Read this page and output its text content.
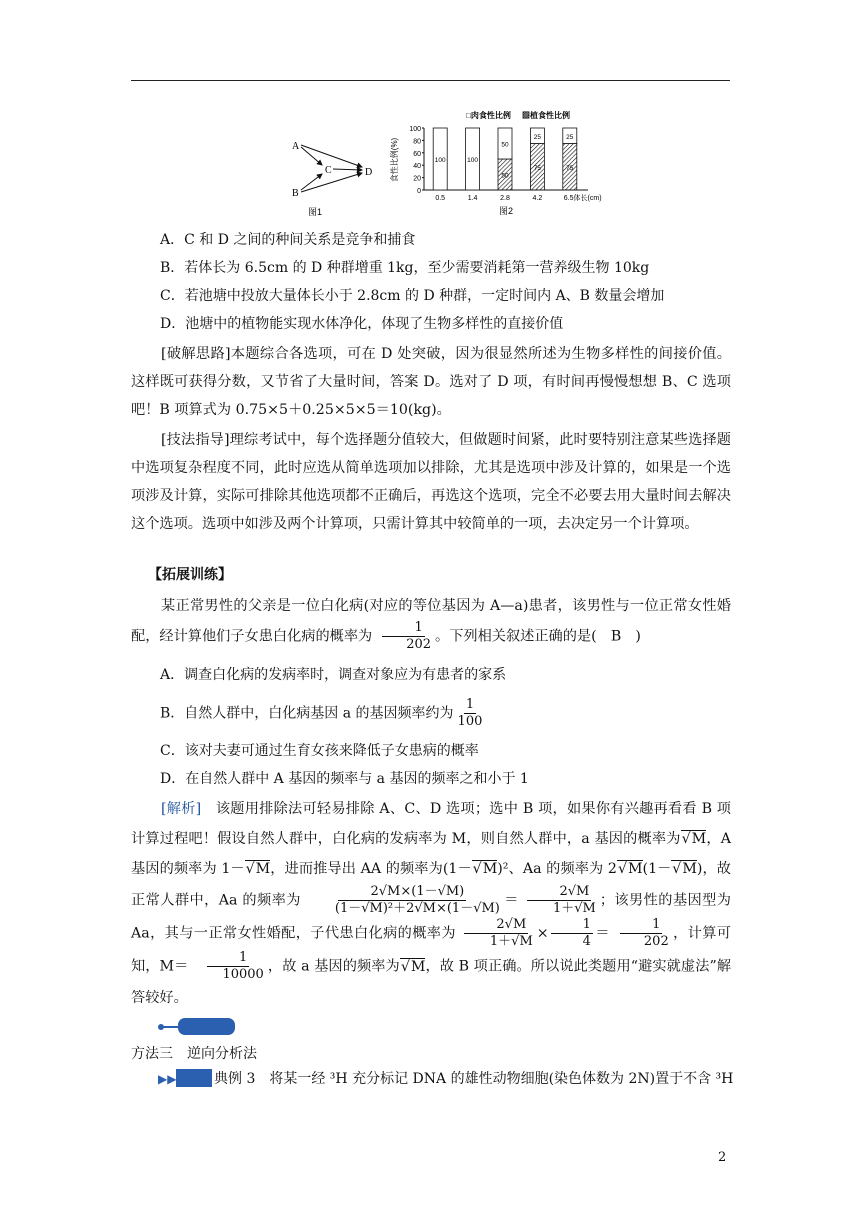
A
B
C	D
图1
□肉食性比例 ▨植食性比例
食性比例(%)
100
80
60
40
20
0
100	100
50
50
25
75
25
75
0.5	1.4	2.8	4.2	6.5体长(cm)
图2
A．C 和 D 之间的种间关系是竞争和捕食
B．若体长为 6.5cm 的 D 种群增重 1kg，至少需要消耗第一营养级生物 10kg
C．若池塘中投放大量体长小于 2.8cm 的 D 种群，一定时间内 A、B 数量会增加
D．池塘中的植物能实现水体净化，体现了生物多样性的直接价值

[破解思路]本题综合各选项，可在 D 处突破，因为很显然所述为生物多样性的间接价值。这样既可获得分数，又节省了大量时间，答案 D。选对了 D 项，有时间再慢慢想想 B、C 选项吧！B 项算式为 0.75×5＋0.25×5×5＝10(kg)。

[技法指导]理综考试中，每个选择题分值较大，但做题时间紧，此时要特别注意某些选择题中选项复杂程度不同，此时应选从简单选项加以排除，尤其是选项中涉及计算的，如果是一个选项涉及计算，实际可排除其他选项都不正确后，再选这个选项，完全不必要去用大量时间去解决这个选项。选项中如涉及两个计算项，只需计算其中较简单的一项，去决定另一个计算项。

【拓展训练】

某正常男性的父亲是一位白化病(对应的等位基因为 A—a)患者，该男性与一位正常女性婚配，经计算他们子女患白化病的概率为 $\frac{1}{202}$ 。下列相关叙述正确的是(　B　)

A．调查白化病的发病率时，调查对象应为有患者的家系
B．自然人群中，白化病基因 a 的基因频率约为 $\frac{1}{100}$
C．该对夫妻可通过生育女孩来降低子女患病的概率
D．在自然人群中 A 基因的频率与 a 基因的频率之和小于 1

[解析]　 该题用排除法可轻易排除 A、C、D 选项；选中 B 项，如果你有兴趣再看看 B 项计算过程吧！假设自然人群中，白化病的发病率为 M，则自然人群中，a 基因的概率为 √ M，A 基因的频率为 1－ √ M，进而推导出 AA 的频率为(1－ √ M)²、Aa 的频率为 2 √ M(1－ √ M)，故正常人群中，Aa 的频率为 $\frac{2√M\times(1-√M)}{\text{(1－√M)²＋2√M×(1－√M)}} = \frac{2√M}{1+√M}$ ；该男性的基因型为 Aa，其与一正常女性婚配，子代患白化病的概率为 $\frac{2√M}{1+√M} \times \frac{1}{4} = \frac{1}{202}$ ，计算可知，$M= \frac{1}{10000}$ ，故 a 基因的频率为 √ M，故 B 项正确。所以说此类题用“避实就虚法”解答较好。

方法三　逆向分析法
▶▶	典例 3　将某一经 ³H 充分标记 DNA 的雄性动物细胞(染色体数为 2N)置于不含 ³H
2
